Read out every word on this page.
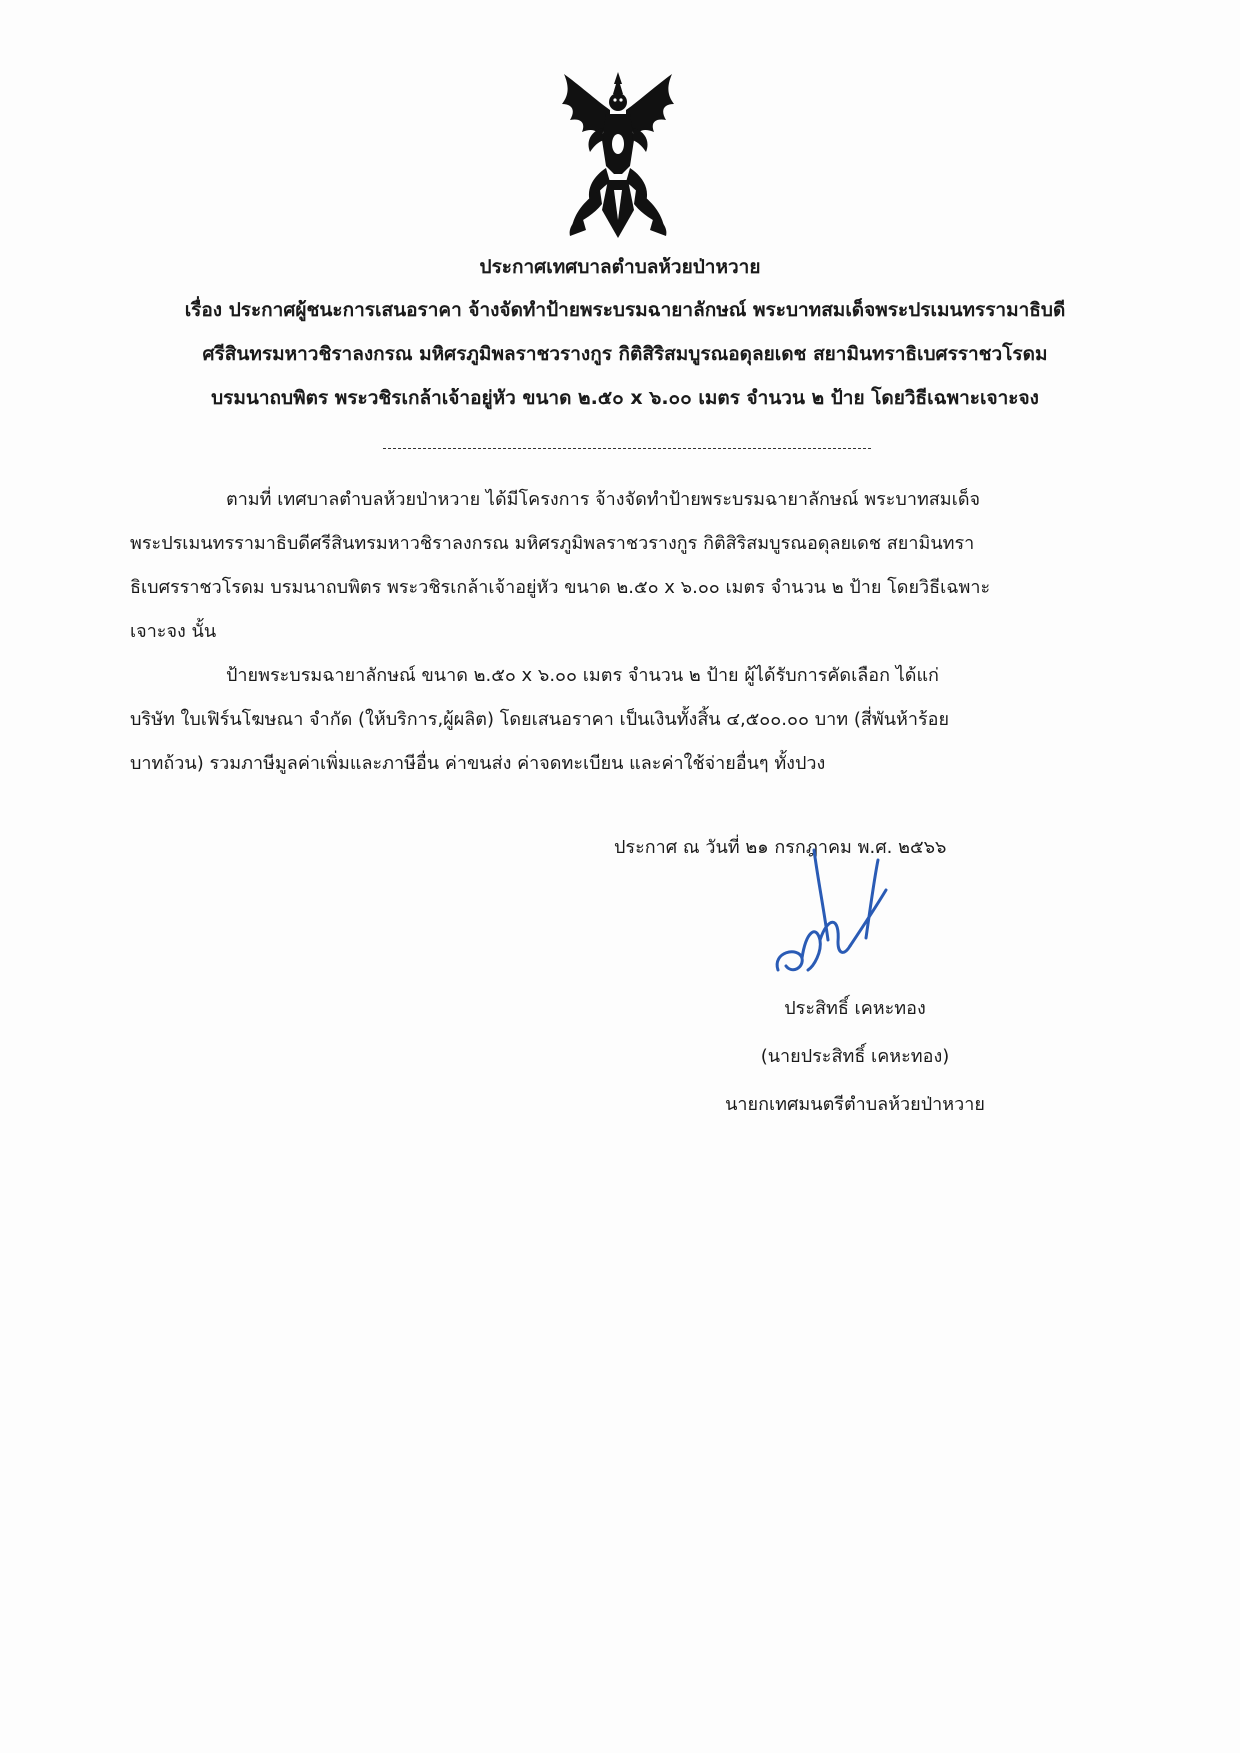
ประกาศเทศบาลตำบลห้วยป่าหวาย
เรื่อง ประกาศผู้ชนะการเสนอราคา จ้างจัดทำป้ายพระบรมฉายาลักษณ์ พระบาทสมเด็จพระปรเมนทรรามาธิบดี
ศรีสินทรมหาวชิราลงกรณ มหิศรภูมิพลราชวรางกูร กิติสิริสมบูรณอดุลยเดช สยามินทราธิเบศรราชวโรดม
บรมนาถบพิตร พระวชิรเกล้าเจ้าอยู่หัว ขนาด ๒.๕๐ x ๖.๐๐ เมตร จำนวน ๒ ป้าย โดยวิธีเฉพาะเจาะจง
ตามที่ เทศบาลตำบลห้วยป่าหวาย ได้มีโครงการ จ้างจัดทำป้ายพระบรมฉายาลักษณ์ พระบาทสมเด็จ
พระปรเมนทรรามาธิบดีศรีสินทรมหาวชิราลงกรณ มหิศรภูมิพลราชวรางกูร กิติสิริสมบูรณอดุลยเดช สยามินทรา
ธิเบศรราชวโรดม บรมนาถบพิตร พระวชิรเกล้าเจ้าอยู่หัว ขนาด ๒.๕๐ x ๖.๐๐ เมตร จำนวน ๒ ป้าย โดยวิธีเฉพาะ
เจาะจง นั้น
ป้ายพระบรมฉายาลักษณ์ ขนาด ๒.๕๐ x ๖.๐๐ เมตร จำนวน ๒ ป้าย ผู้ได้รับการคัดเลือก ได้แก่
บริษัท ใบเฟิร์นโฆษณา จำกัด (ให้บริการ,ผู้ผลิต) โดยเสนอราคา เป็นเงินทั้งสิ้น ๔,๕๐๐.๐๐ บาท (สี่พันห้าร้อย
บาทถ้วน) รวมภาษีมูลค่าเพิ่มและภาษีอื่น ค่าขนส่ง ค่าจดทะเบียน และค่าใช้จ่ายอื่นๆ ทั้งปวง
ประกาศ ณ วันที่ ๒๑ กรกฎาคม พ.ศ. ๒๕๖๖
ประสิทธิ์ เคหะทอง
(นายประสิทธิ์ เคหะทอง)
นายกเทศมนตรีตำบลห้วยป่าหวาย
